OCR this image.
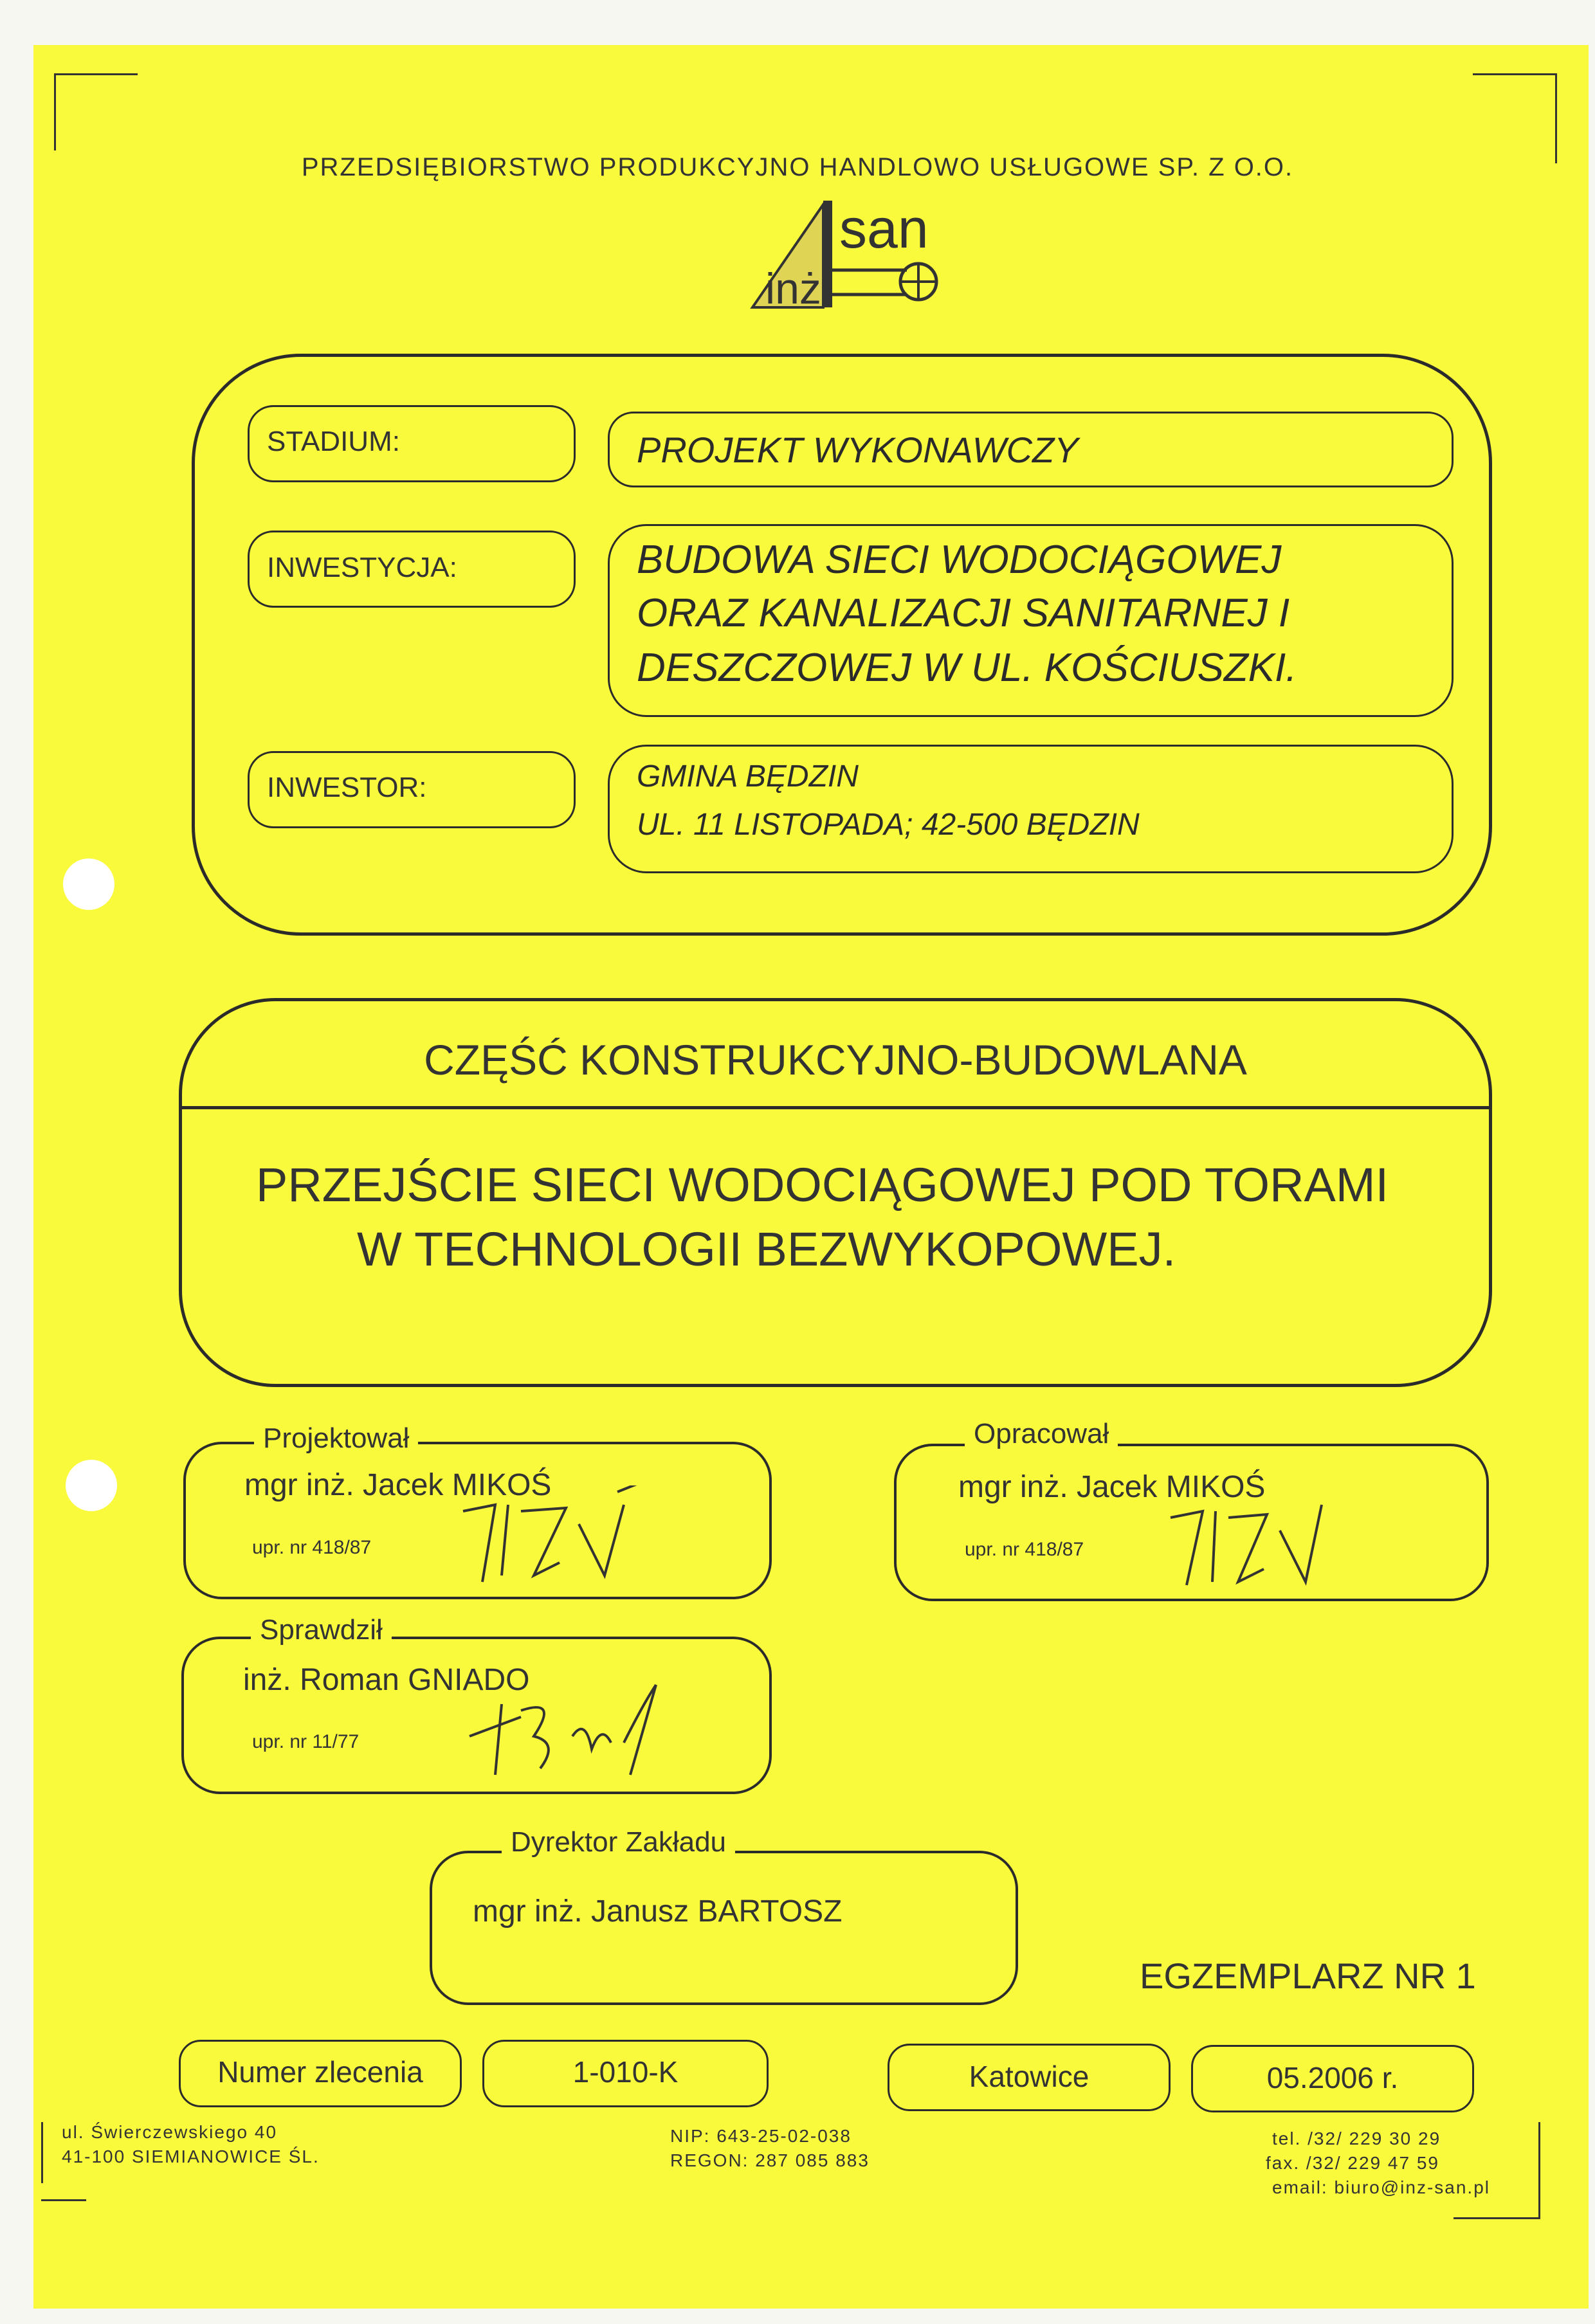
PRZEDSIĘBIORSTWO PRODUKCYJNO HANDLOWO USŁUGOWE SP. Z O.O.
san
inż
STADIUM:	PROJEKT WYKONAWCZY
INWESTYCJA:	BUDOWA SIECI WODOCIĄGOWEJ
ORAZ KANALIZACJI SANITARNEJ I
DESZCZOWEJ W UL. KOŚCIUSZKI.
INWESTOR:	GMINA BĘDZIN
UL. 11 LISTOPADA; 42-500 BĘDZIN
CZĘŚĆ KONSTRUKCYJNO-BUDOWLANA
PRZEJŚCIE SIECI WODOCIĄGOWEJ POD TORAMI
W TECHNOLOGII BEZWYKOPOWEJ.
Projektował
mgr inż. Jacek MIKOŚ
upr. nr 418/87
Opracował
mgr inż. Jacek MIKOŚ
upr. nr 418/87
Sprawdził
inż. Roman GNIADO
upr. nr 11/77
Dyrektor Zakładu
mgr inż. Janusz BARTOSZ
EGZEMPLARZ NR 1
Numer zlecenia	1-010-K	Katowice	05.2006 r.
ul. Świerczewskiego 40
41-100 SIEMIANOWICE ŚL.
NIP: 643-25-02-038
REGON: 287 085 883
tel. /32/ 229 30 29
fax. /32/ 229 47 59
email: biuro@inz-san.pl
